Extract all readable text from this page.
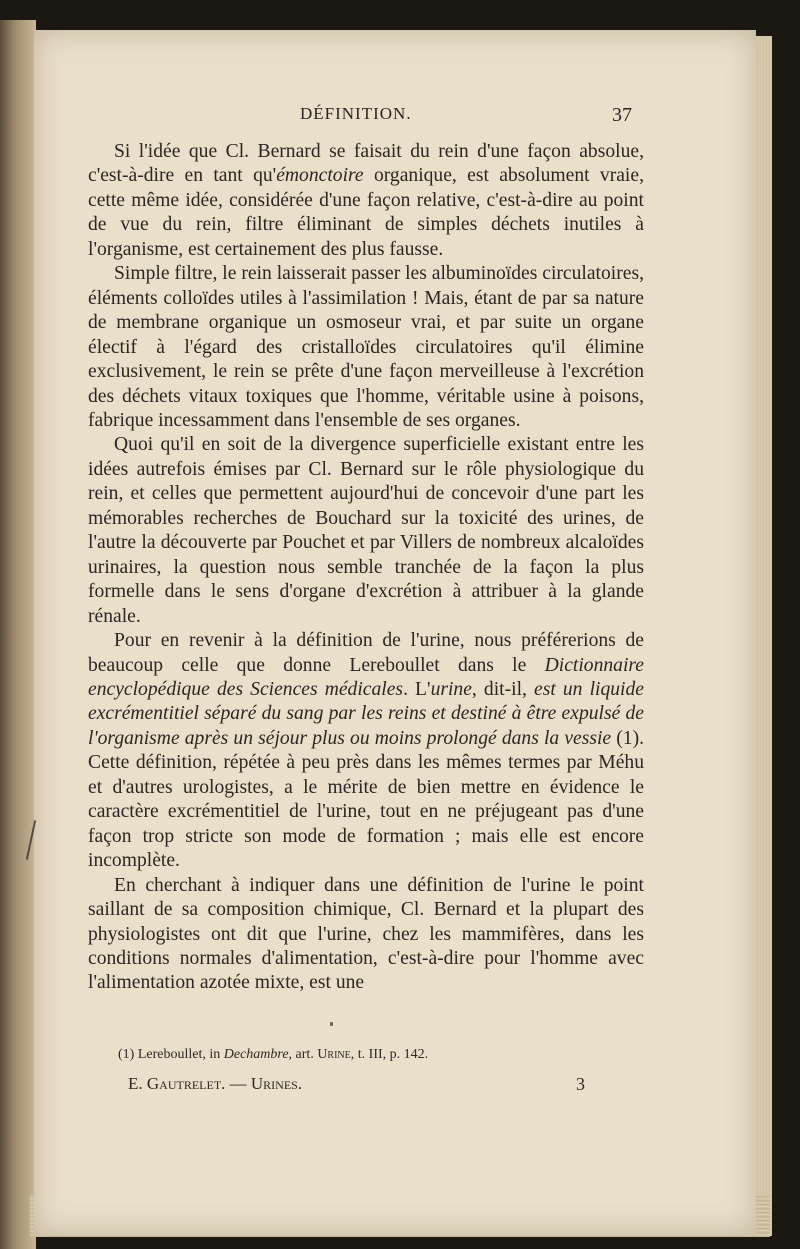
DÉFINITION.	37

Si l'idée que Cl. Bernard se faisait du rein d'une façon absolue, c'est-à-dire en tant qu'émonctoire organique, est absolument vraie, cette même idée, considérée d'une façon relative, c'est-à-dire au point de vue du rein, filtre éliminant de simples déchets inutiles à l'organisme, est certainement des plus fausse.

Simple filtre, le rein laisserait passer les albuminoïdes circulatoires, éléments colloïdes utiles à l'assimilation ! Mais, étant de par sa nature de membrane organique un osmoseur vrai, et par suite un organe électif à l'égard des cristalloïdes circulatoires qu'il élimine exclusivement, le rein se prête d'une façon merveilleuse à l'excrétion des déchets vitaux toxiques que l'homme, véritable usine à poisons, fabrique incessamment dans l'ensemble de ses organes.

Quoi qu'il en soit de la divergence superficielle existant entre les idées autrefois émises par Cl. Bernard sur le rôle physiologique du rein, et celles que permettent aujourd'hui de concevoir d'une part les mémorables recherches de Bouchard sur la toxicité des urines, de l'autre la découverte par Pouchet et par Villers de nombreux alcaloïdes urinaires, la question nous semble tranchée de la façon la plus formelle dans le sens d'organe d'excrétion à attribuer à la glande rénale.

Pour en revenir à la définition de l'urine, nous préférerions de beaucoup celle que donne Lereboullet dans le Dictionnaire encyclopédique des Sciences médicales. L'urine, dit-il, est un liquide excrémentitiel séparé du sang par les reins et destiné à être expulsé de l'organisme après un séjour plus ou moins prolongé dans la vessie (1). Cette définition, répétée à peu près dans les mêmes termes par Méhu et d'autres urologistes, a le mérite de bien mettre en évidence le caractère excrémentitiel de l'urine, tout en ne préjugeant pas d'une façon trop stricte son mode de formation ; mais elle est encore incomplète.

En cherchant à indiquer dans une définition de l'urine le point saillant de sa composition chimique, Cl. Bernard et la plupart des physiologistes ont dit que l'urine, chez les mammifères, dans les conditions normales d'alimentation, c'est-à-dire pour l'homme avec l'alimentation azotée mixte, est une

(1) Lereboullet, in Dechambre, art. Urine, t. III, p. 142.
E. Gautrelet. — Urines.	3
